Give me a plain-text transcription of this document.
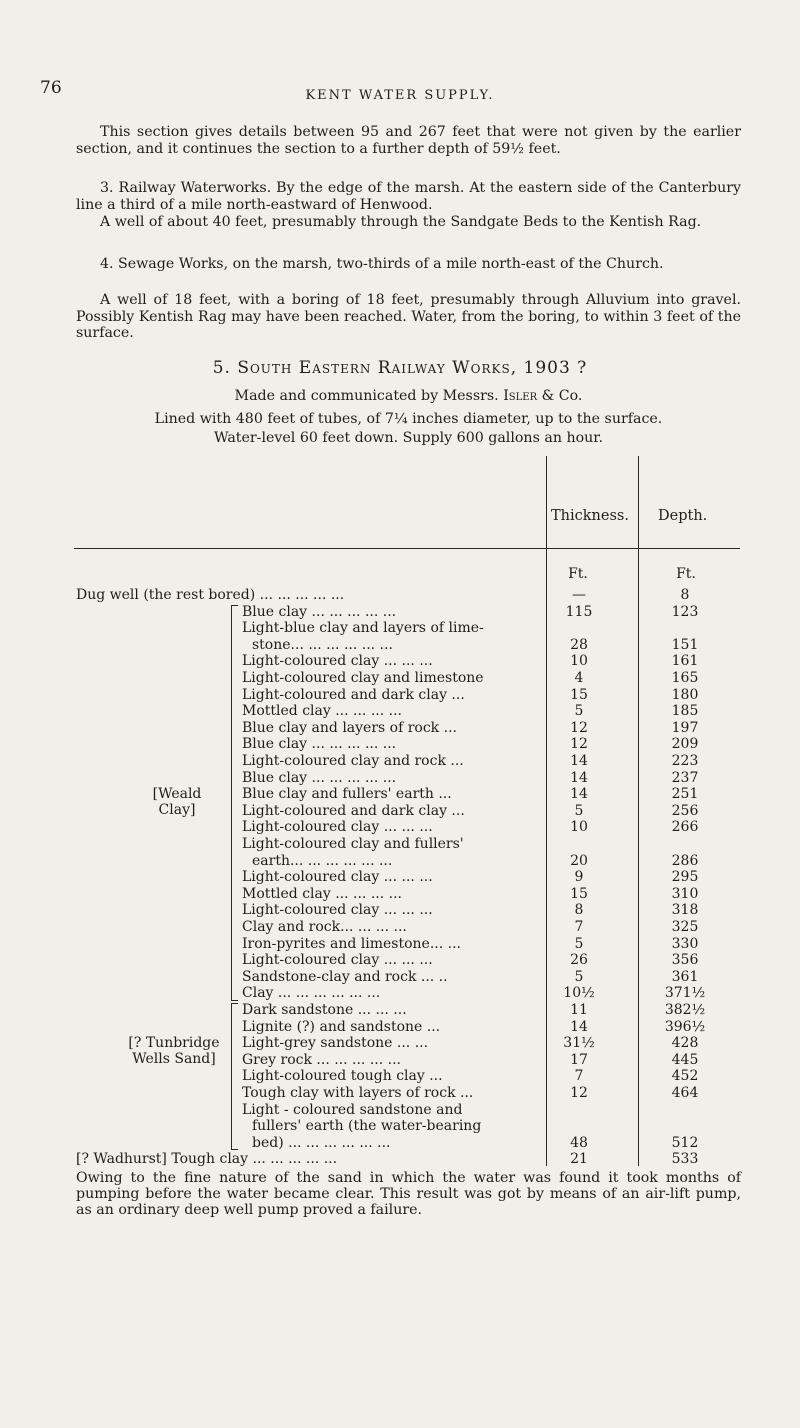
76	KENT WATER SUPPLY.

This section gives details between 95 and 267 feet that were not given by the earlier section, and it continues the section to a further depth of 59½ feet.

3. Railway Waterworks. By the edge of the marsh. At the eastern side of the Canterbury line a third of a mile north-eastward of Henwood.

A well of about 40 feet, presumably through the Sandgate Beds to the Kentish Rag.

4. Sewage Works, on the marsh, two-thirds of a mile north-east of the Church.

A well of 18 feet, with a boring of 18 feet, presumably through Alluvium into gravel. Possibly Kentish Rag may have been reached. Water, from the boring, to within 3 feet of the surface.

5. South Eastern Railway Works, 1903 ?

Made and communicated by Messrs. Isler & Co.

Lined with 480 feet of tubes, of 7¼ inches diameter, up to the surface.

Water-level 60 feet down. Supply 600 gallons an hour.

Thickness. Depth.
Ft.	Ft.
[Weald Clay]
[? Tunbridge Wells Sand]
Dug well (the rest bored) ... ... ... ... ...	—	8
Blue clay ... ... ... ... ...	115	123
Light-blue clay and layers of lime-
stone... ... ... ... ... ...	28	151
Light-coloured clay ... ... ...	10	161
Light-coloured clay and limestone	4	165
Light-coloured and dark clay ...	15	180
Mottled clay ... ... ... ...	5	185
Blue clay and layers of rock ...	12	197
Blue clay ... ... ... ... ...	12	209
Light-coloured clay and rock ...	14	223
Blue clay ... ... ... ... ...	14	237
Blue clay and fullers' earth ...	14	251
Light-coloured and dark clay ...	5	256
Light-coloured clay ... ... ...	10	266
Light-coloured clay and fullers'
earth... ... ... ... ... ...	20	286
Light-coloured clay ... ... ...	9	295
Mottled clay ... ... ... ...	15	310
Light-coloured clay ... ... ...	8	318
Clay and rock... ... ... ...	7	325
Iron-pyrites and limestone... ...	5	330
Light-coloured clay ... ... ...	26	356
Sandstone-clay and rock ... ..	5	361
Clay ... ... ... ... ... ...	10½	371½
Dark sandstone ... ... ...	11	382½
Lignite (?) and sandstone ...	14	396½
Light-grey sandstone ... ...	31½	428
Grey rock ... ... ... ... ...	17	445
Light-coloured tough clay ...	7	452
Tough clay with layers of rock ...	12	464
Light - coloured sandstone and
fullers' earth (the water-bearing
bed) ... ... ... ... ... ...	48	512
[? Wadhurst] Tough clay ... ... ... ... ...	21	533
Owing to the fine nature of the sand in which the water was found it took months of pumping before the water became clear. This result was got by means of an air-lift pump, as an ordinary deep well pump proved a failure.
